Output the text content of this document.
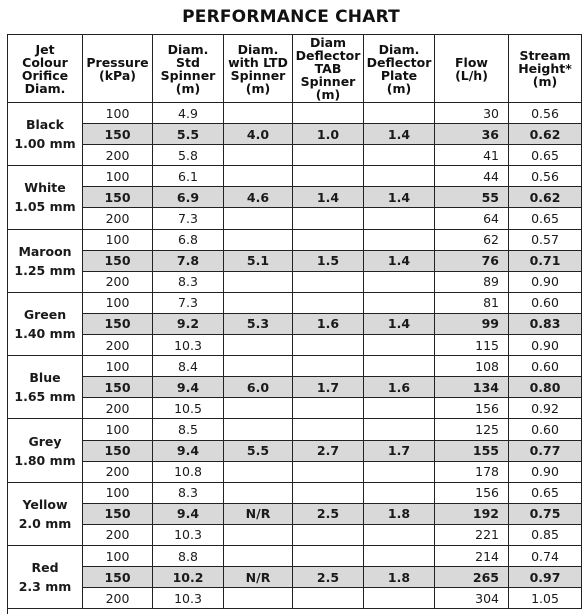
PERFORMANCE CHART
Jet
Colour
Orifice
Diam.	Pressure
(kPa)	Diam.
Std
Spinner
(m)	Diam.
with LTD
Spinner
(m)	Diam
Deflector
TAB
Spinner
(m)	Diam.
Deflector
Plate
(m)	Flow
(L/h)	Stream
Height*
(m)
Black
1.00 mm	100	4.9				30	0.56
	150	5.5	4.0	1.0	1.4	36	0.62
	200	5.8				41	0.65
White
1.05 mm	100	6.1				44	0.56
	150	6.9	4.6	1.4	1.4	55	0.62
	200	7.3				64	0.65
Maroon
1.25 mm	100	6.8				62	0.57
	150	7.8	5.1	1.5	1.4	76	0.71
	200	8.3				89	0.90
Green
1.40 mm	100	7.3				81	0.60
	150	9.2	5.3	1.6	1.4	99	0.83
	200	10.3				115	0.90
Blue
1.65 mm	100	8.4				108	0.60
	150	9.4	6.0	1.7	1.6	134	0.80
	200	10.5				156	0.92
Grey
1.80 mm	100	8.5				125	0.60
	150	9.4	5.5	2.7	1.7	155	0.77
	200	10.8				178	0.90
Yellow
2.0 mm	100	8.3				156	0.65
	150	9.4	N/R	2.5	1.8	192	0.75
	200	10.3				221	0.85
Red
2.3 mm	100	8.8				214	0.74
	150	10.2	N/R	2.5	1.8	265	0.97
	200	10.3				304	1.05
